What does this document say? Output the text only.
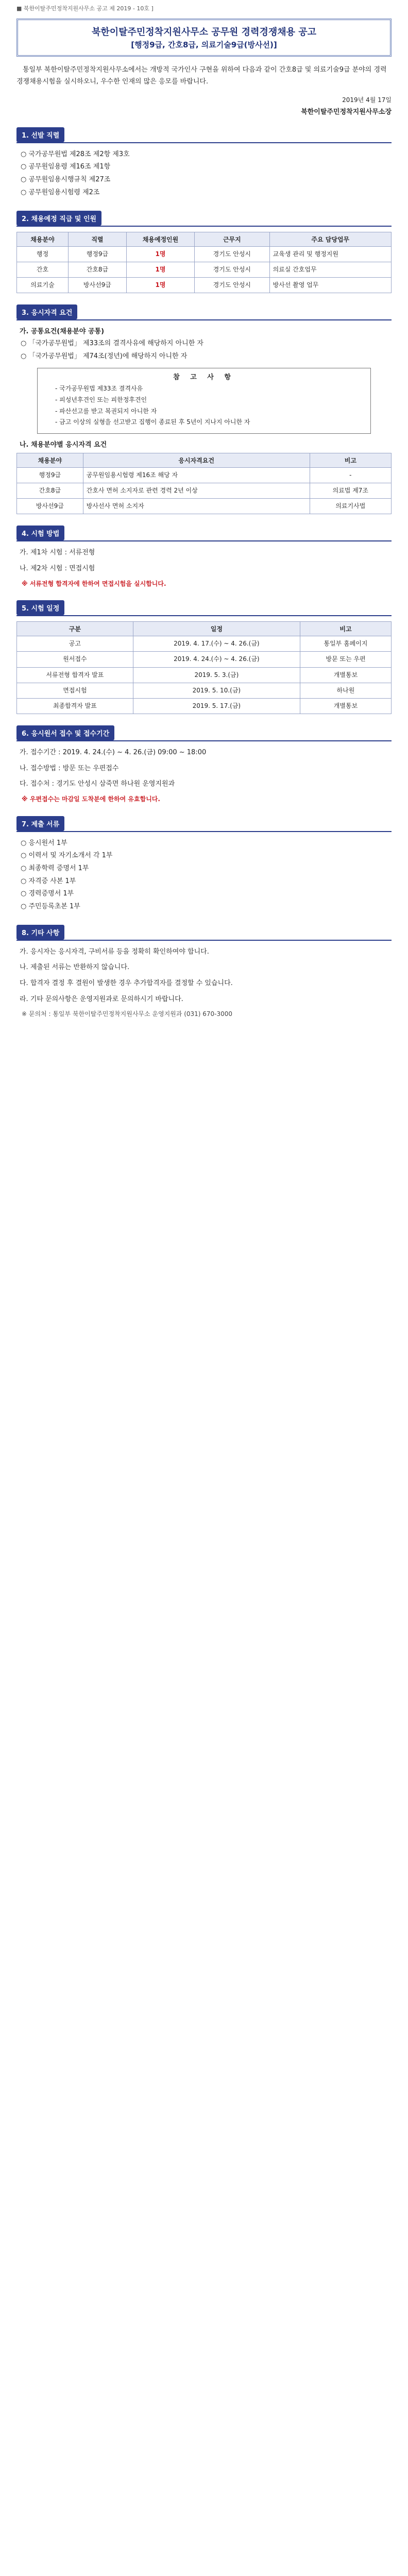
■ 북한이탈주민정착지원사무소 공고 제 2019 - 10호 ]
북한이탈주민정착지원사무소 공무원 경력경쟁채용 공고
[행정9급, 간호8급, 의료기술9급(방사선)]
통일부 북한이탈주민정착지원사무소에서는 개방적 국가인사 구현을 위하여 다음과 같이 간호8급 및 의료기술9급 분야의 경력경쟁채용시험을 실시하오니, 우수한 인재의 많은 응모를 바랍니다.
2019년 4월 17일
북한이탈주민정착지원사무소장
1. 선발 직렬
○ 국가공무원법 제28조 제2항 제3호
○ 공무원임용령 제16조 제1항
○ 공무원임용시행규칙 제27조
○ 공무원임용시험령 제2조
2. 채용예정 직급 및 인원
채용분야	직렬	채용예정인원	근무지	주요 담당업무
행정	행정9급	1명	경기도 안성시	교육생 관리 및 행정지원
간호	간호8급	1명	경기도 안성시	의료실 간호업무
의료기술	방사선9급	1명	경기도 안성시	방사선 촬영 업무
3. 응시자격 요건
가. 공통요건(채용분야 공통)
○ 「국가공무원법」 제33조의 결격사유에 해당하지 아니한 자
○ 「국가공무원법」 제74조(정년)에 해당하지 아니한 자
참 고 사 항
- 국가공무원법 제33조 결격사유
- 피성년후견인 또는 피한정후견인
- 파산선고를 받고 복권되지 아니한 자
- 금고 이상의 실형을 선고받고 집행이 종료된 후 5년이 지나지 아니한 자
나. 채용분야별 응시자격 요건
채용분야	응시자격요건	비고
행정9급	공무원임용시험령 제16조 해당 자	-
간호8급	간호사 면허 소지자로 관련 경력 2년 이상	의료법 제7조
방사선9급	방사선사 면허 소지자	의료기사법
4. 시험 방법
가. 제1차 시험 : 서류전형
나. 제2차 시험 : 면접시험
※ 서류전형 합격자에 한하여 면접시험을 실시합니다.
5. 시험 일정
구분	일정	비고
공고	2019. 4. 17.(수) ~ 4. 26.(금)	통일부 홈페이지
원서접수	2019. 4. 24.(수) ~ 4. 26.(금)	방문 또는 우편
서류전형 합격자 발표	2019. 5. 3.(금)	개별통보
면접시험	2019. 5. 10.(금)	하나원
최종합격자 발표	2019. 5. 17.(금)	개별통보
6. 응시원서 접수 및 접수기간
가. 접수기간 : 2019. 4. 24.(수) ~ 4. 26.(금) 09:00 ~ 18:00
나. 접수방법 : 방문 또는 우편접수
다. 접수처 : 경기도 안성시 삼죽면 하나원 운영지원과
※ 우편접수는 마감일 도착분에 한하여 유효합니다.
7. 제출 서류
○ 응시원서 1부
○ 이력서 및 자기소개서 각 1부
○ 최종학력 증명서 1부
○ 자격증 사본 1부
○ 경력증명서 1부
○ 주민등록초본 1부
8. 기타 사항
가. 응시자는 응시자격, 구비서류 등을 정확히 확인하여야 합니다.
나. 제출된 서류는 반환하지 않습니다.
다. 합격자 결정 후 결원이 발생한 경우 추가합격자를 결정할 수 있습니다.
라. 기타 문의사항은 운영지원과로 문의하시기 바랍니다.
※ 문의처 : 통일부 북한이탈주민정착지원사무소 운영지원과 (031) 670-3000
